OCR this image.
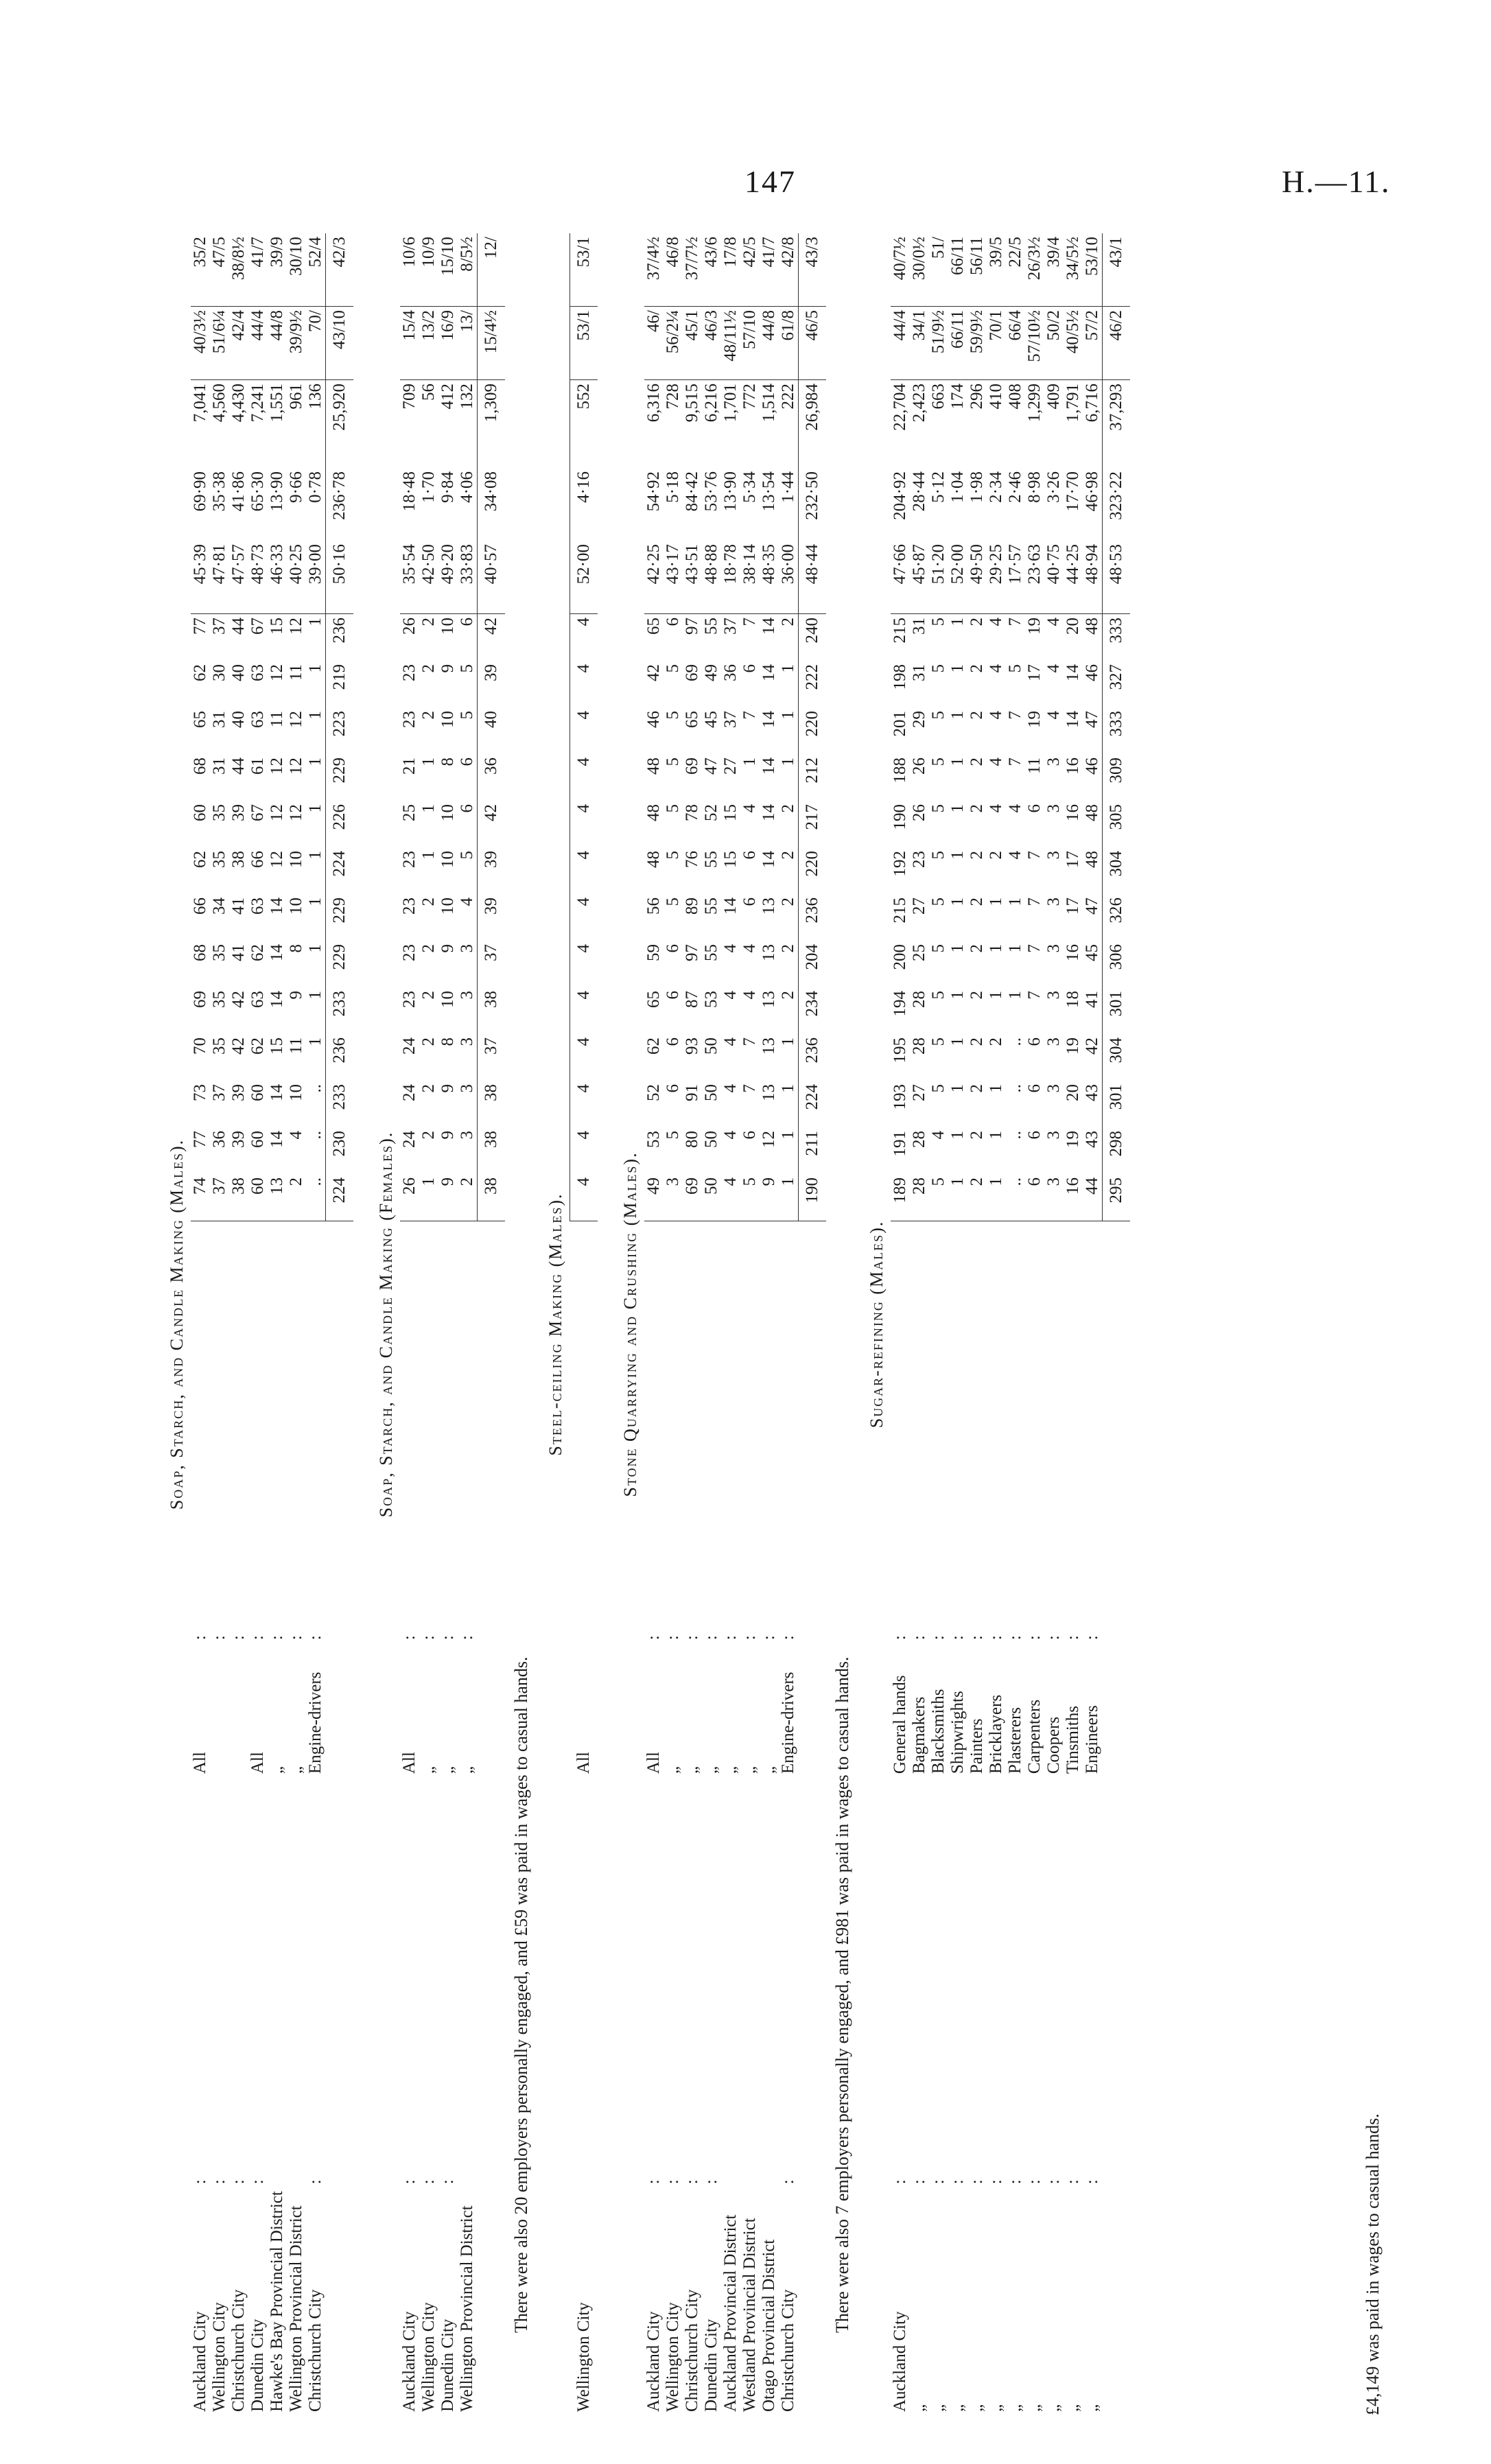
147	H.—11.
Soap, Starch, and Candle Making (Males).																					
Auckland City	:	All	:	74	77	73	70	69	68	66	62	60	68	65	62	77	45·39	69·90	7,041	40/3½	35/2
Wellington City	:		:	37	36	37	35	35	35	34	35	35	31	31	30	37	47·81	35·38	4,560	51/6¼	47/5
Christchurch City	:		:	38	39	39	42	42	41	41	38	39	44	40	40	44	47·57	41·86	4,430	42/4	38/8½
Dunedin City	:	All	:	60	60	60	62	63	62	63	66	67	61	63	63	67	48·73	65·30	7,241	44/4	41/7
Hawke's Bay Provincial District		„	:	13	14	14	15	14	14	14	12	12	12	11	12	15	46·33	13·90	1,551	44/8	39/9
Wellington Provincial District		„	:	2	4	10	11	9	8	10	10	12	12	12	11	12	40·25	9·66	961	39/9½	30/10
Christchurch City	:	Engine-drivers	:	..	..	..	1	1	1	1	1	1	1	1	1	1	39·00	0·78	136	70/	52/4
				224	230	233	236	233	229	229	224	226	229	223	219	236	50·16	236·78	25,920	43/10	42/3

Soap, Starch, and Candle Making (Females).																					
Auckland City	:	All	:	26	24	24	24	23	23	23	23	25	21	23	23	26	35·54	18·48	709	15/4	10/6
Wellington City	:	„	:	1	2	2	2	2	2	2	1	1	1	2	2	2	42·50	1·70	56	13/2	10/9
Dunedin City	:	„	:	9	9	9	8	10	9	10	10	10	8	10	9	10	49·20	9·84	412	16/9	15/10
Wellington Provincial District		„	:	2	3	3	3	3	3	4	5	6	6	5	5	6	33·83	4·06	132	13/	8/5½
				38	38	38	37	38	37	39	39	42	36	40	39	42	40·57	34·08	1,309	15/4½	12/
There were also 20 employers personally engaged, and £59 was paid in wages to casual hands.																					
Steel-ceiling Making (Males).																					
Wellington City		All		4	4	4	4	4	4	4	4	4	4	4	4	4	52·00	4·16	552	53/1	53/1

Stone Quarrying and Crushing (Males).																					
Auckland City	:	All	:	49	53	52	62	65	59	56	48	48	48	46	42	65	42·25	54·92	6,316	46/	37/4½
Wellington City	:	„	:	3	5	6	6	6	6	5	5	5	5	5	5	6	43·17	5·18	728	56/2¼	46/8
Christchurch City	:	„	:	69	80	91	93	87	97	89	76	78	69	65	69	97	43·51	84·42	9,515	45/1	37/7½
Dunedin City	:	„	:	50	50	50	50	53	55	55	55	52	47	45	49	55	48·88	53·76	6,216	46/3	43/6
Auckland Provincial District		„	:	4	4	4	4	4	4	14	15	15	27	37	36	37	18·78	13·90	1,701	48/11½	17/8
Westland Provincial District		„	:	5	6	7	7	4	4	6	6	4	1	7	6	7	38·14	5·34	772	57/10	42/5
Otago Provincial District		„	:	9	12	13	13	13	13	13	14	14	14	14	14	14	48·35	13·54	1,514	44/8	41/7
Christchurch City	:	Engine-drivers	:	1	1	1	1	2	2	2	2	2	1	1	1	2	36·00	1·44	222	61/8	42/8
				190	211	224	236	234	204	236	220	217	212	220	222	240	48·44	232·50	26,984	46/5	43/3
There were also 7 employers personally engaged, and £981 was paid in wages to casual hands.																					
Sugar-refining (Males).																					
Auckland City	:	General hands	:	189	191	193	195	194	200	215	192	190	188	201	198	215	47·66	204·92	22,704	44/4	40/7½
„	:	Bagmakers	:	28	28	27	28	28	25	27	23	26	26	29	31	31	45·87	28·44	2,423	34/1	30/0½
„	:	Blacksmiths	:	5	4	5	5	5	5	5	5	5	5	5	5	5	51·20	5·12	663	51/9½	51/
„	:	Shipwrights	:	1	1	1	1	1	1	1	1	1	1	1	1	1	52·00	1·04	174	66/11	66/11
„	:	Painters	:	2	2	2	2	2	2	2	2	2	2	2	2	2	49·50	1·98	296	59/9½	56/11
„	:	Bricklayers	:	1	1	1	2	1	1	1	2	4	4	4	4	4	29·25	2·34	410	70/1	39/5
„	:	Plasterers	:	..	..	..	..	1	1	1	4	4	7	7	5	7	17·57	2·46	408	66/4	22/5
„	:	Carpenters	:	6	6	6	6	7	7	7	7	6	11	19	17	19	23·63	8·98	1,299	57/10½	26/3½
„	:	Coopers	:	3	3	3	3	3	3	3	3	3	3	4	4	4	40·75	3·26	409	50/2	39/4
„	:	Tinsmiths	:	16	19	20	19	18	16	17	17	16	16	14	14	20	44·25	17·70	1,791	40/5½	34/5½
„	:	Engineers	:	44	43	43	42	41	45	47	48	48	46	47	46	48	48·94	46·98	6,716	57/2	53/10
				295	298	301	304	301	306	326	304	305	309	333	327	333	48·53	323·22	37,293	46/2	43/1

£4,149 was paid in wages to casual hands.
